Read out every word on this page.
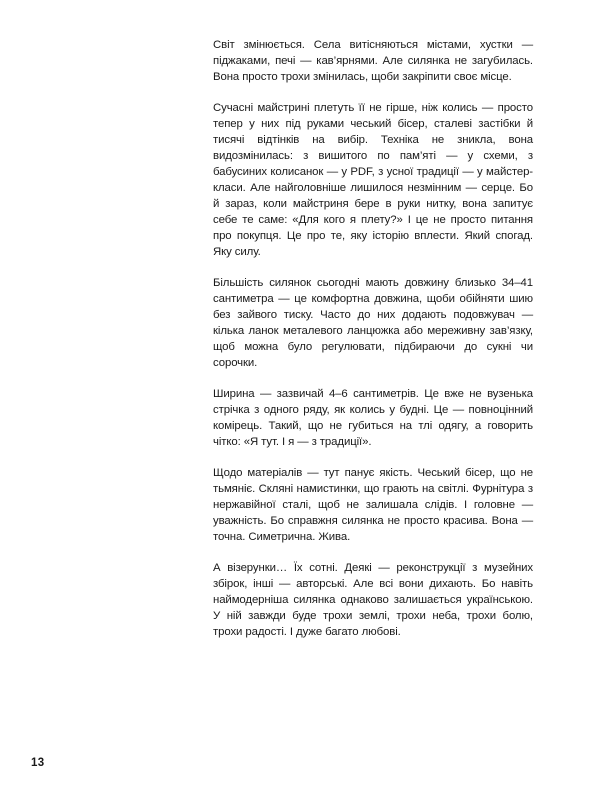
Світ змінюється. Села витісняються містами, хустки — піджаками, печі — кав’ярнями. Але силянка не загубилась. Вона просто трохи змінилась, щоби закріпити своє місце.

Сучасні майстрині плетуть її не гірше, ніж колись — просто тепер у них під руками чеський бісер, сталеві застібки й тисячі відтінків на вибір. Техніка не зникла, вона видозмінилась: з вишитого по пам’яті — у схеми, з бабусиних колисанок — у PDF, з усної традиції — у майстер-класи. Але найголовніше лишилося незмінним — серце. Бо й зараз, коли майстриня бере в руки нитку, вона запитує себе те саме: «Для кого я плету?» І це не просто питання про покупця. Це про те, яку історію вплести. Який спогад. Яку силу.

Більшість силянок сьогодні мають довжину близько 34–41 сантиметра — це комфортна довжина, щоби обійняти шию без зайвого тиску. Часто до них додають подовжувач — кілька ланок металевого ланцюжка або мереживну зав’язку, щоб можна було регулювати, підбираючи до сукні чи сорочки.

Ширина — зазвичай 4–6 сантиметрів. Це вже не вузенька стрічка з одного ряду, як колись у будні. Це — повноцінний комірець. Такий, що не губиться на тлі одягу, а говорить чітко: «Я тут. І я — з традиції».

Щодо матеріалів — тут панує якість. Чеський бісер, що не тьмяніє. Скляні намистинки, що грають на світлі. Фурнітура з нержавійної сталі, щоб не залишала слідів. І головне — уважність. Бо справжня силянка не просто красива. Вона — точна. Симетрична. Жива.

А візерунки… Їх сотні. Деякі — реконструкції з музейних збірок, інші — авторські. Але всі вони дихають. Бо навіть наймодерніша силянка однаково залишається українською. У ній завжди буде трохи землі, трохи неба, трохи болю, трохи радості. І дуже багато любові.

13
